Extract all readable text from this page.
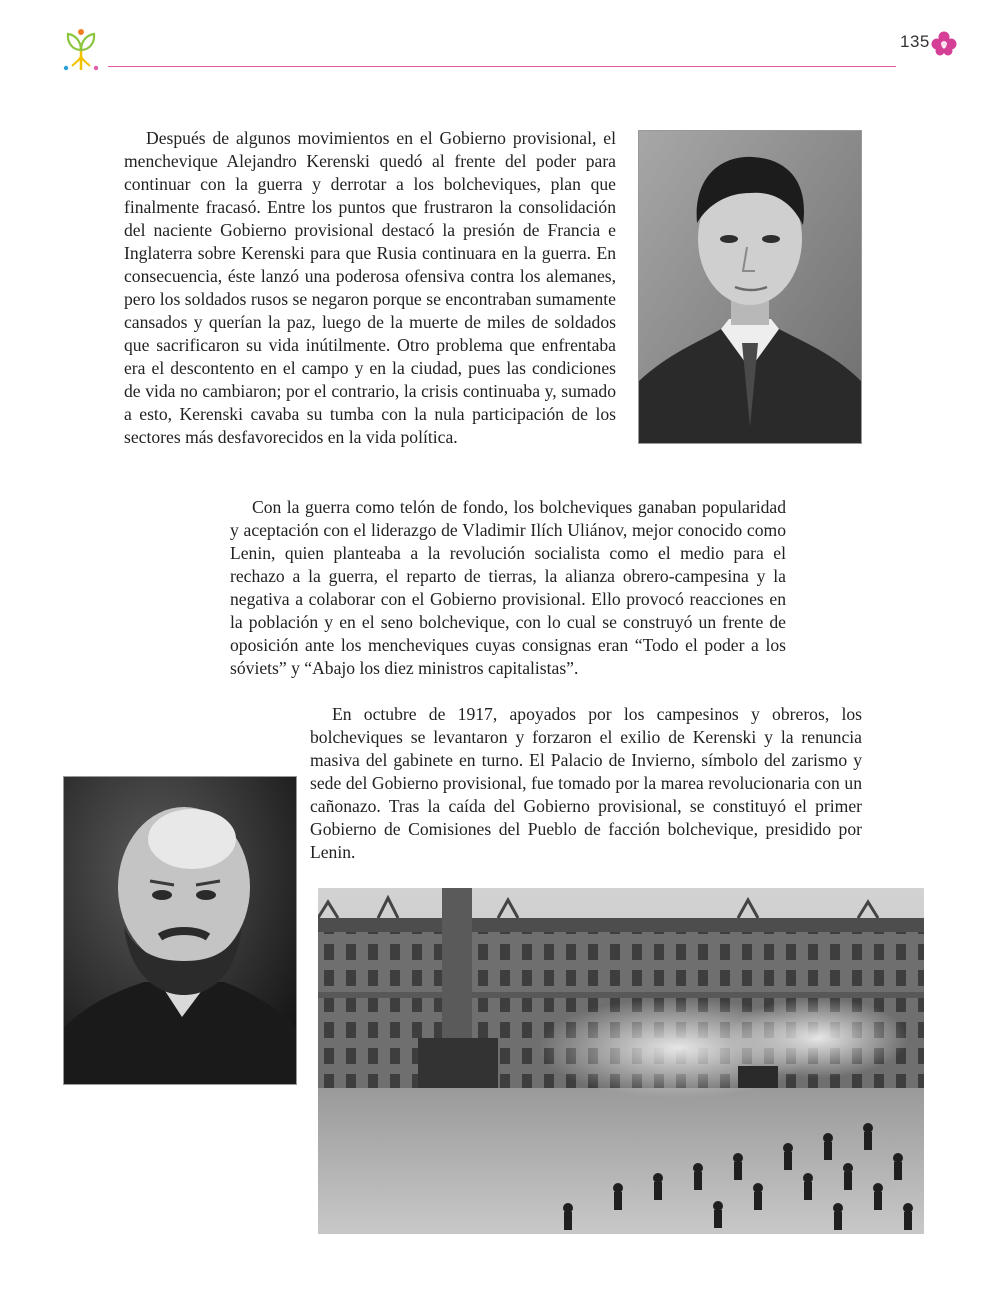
135

Después de algunos movimientos en el Gobierno provisional, el menchevique Alejandro Kerenski quedó al frente del poder para continuar con la guerra y derrotar a los bolcheviques, plan que finalmente fracasó. Entre los puntos que frustraron la consolidación del naciente Gobierno provisional destacó la presión de Francia e Inglaterra sobre Kerenski para que Rusia continuara en la guerra. En consecuencia, éste lanzó una poderosa ofensiva contra los alemanes, pero los soldados rusos se negaron porque se encontraban sumamente cansados y querían la paz, luego de la muerte de miles de soldados que sacrificaron su vida inútilmente. Otro problema que enfrentaba era el descontento en el campo y en la ciudad, pues las condiciones de vida no cambiaron; por el contrario, la crisis continuaba y, sumado a esto, Kerenski cavaba su tumba con la nula participación de los sectores más desfavorecidos en la vida política.

Con la guerra como telón de fondo, los bolcheviques ganaban popularidad y aceptación con el liderazgo de Vladimir Ilích Uliánov, mejor conocido como Lenin, quien planteaba a la revolución socialista como el medio para el rechazo a la guerra, el reparto de tierras, la alianza obrero-campesina y la negativa a colaborar con el Gobierno provisional. Ello provocó reacciones en la población y en el seno bolchevique, con lo cual se construyó un frente de oposición ante los mencheviques cuyas consignas eran “Todo el poder a los sóviets” y “Abajo los diez ministros capitalistas”.

En octubre de 1917, apoyados por los campesinos y obreros, los bolcheviques se levantaron y forzaron el exilio de Kerenski y la renuncia masiva del gabinete en turno. El Palacio de Invierno, símbolo del zarismo y sede del Gobierno provisional, fue tomado por la marea revolucionaria con un cañonazo. Tras la caída del Gobierno provisional, se constituyó el primer Gobierno de Comisiones del Pueblo de facción bolchevique, presidido por Lenin.
